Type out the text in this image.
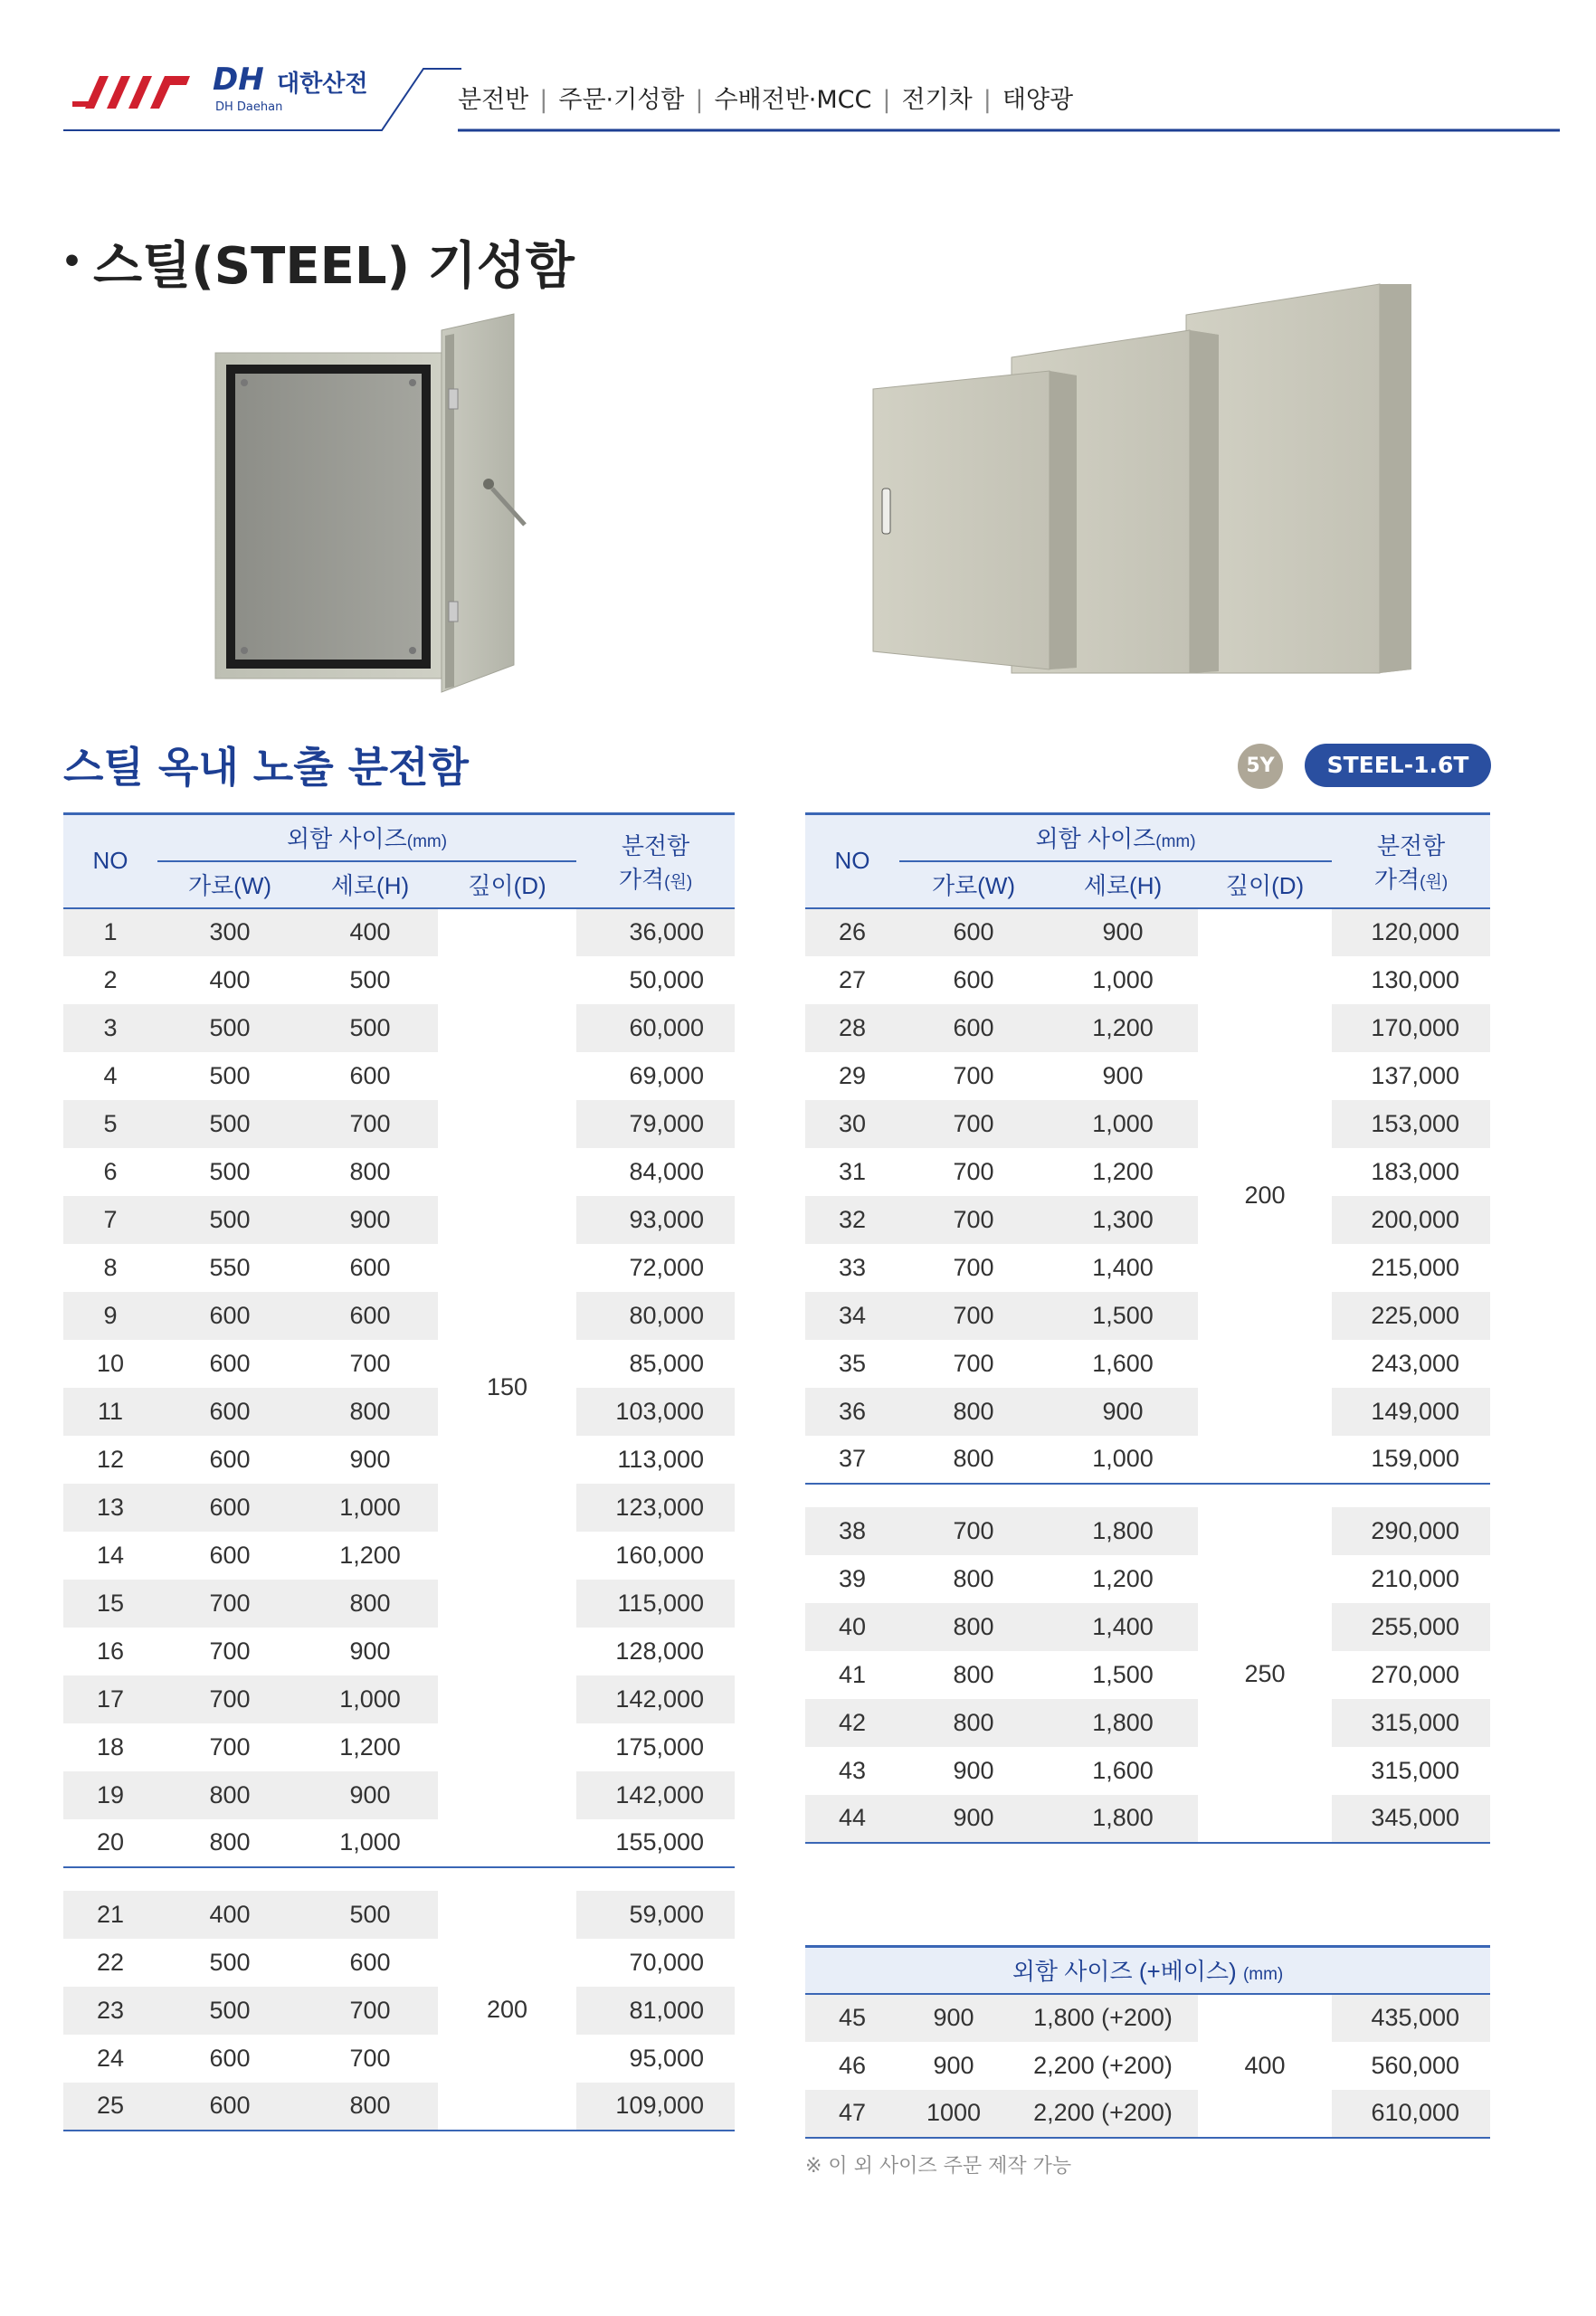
DH 대한산전
DH Daehan	분전반 | 주문·기성함 | 수배전반·MCC | 전기차 | 태양광
• 스틸(STEEL) 기성함
스틸 옥내 노출 분전함	5Y	STEEL-1.6T
NO	외함 사이즈(mm)			분전함
가격(원)

	가로(W)	세로(H)	깊이(D)	
1	300	400	150	36,000
2	400	500		50,000
3	500	500		60,000
4	500	600		69,000
5	500	700		79,000
6	500	800		84,000
7	500	900		93,000
8	550	600		72,000
9	600	600		80,000
10	600	700		85,000
11	600	800		103,000
12	600	900		113,000
13	600	1,000		123,000
14	600	1,200		160,000
15	700	800		115,000
16	700	900		128,000
17	700	1,000		142,000
18	700	1,200		175,000
19	800	900		142,000
20	800	1,000		155,000

21	400	500	200	59,000
22	500	600		70,000
23	500	700		81,000
24	600	700		95,000
25	600	800		109,000
NO	외함 사이즈(mm)			분전함
가격(원)

	가로(W)	세로(H)	깊이(D)	
26	600	900	200	120,000
27	600	1,000		130,000
28	600	1,200		170,000
29	700	900		137,000
30	700	1,000		153,000
31	700	1,200		183,000
32	700	1,300		200,000
33	700	1,400		215,000
34	700	1,500		225,000
35	700	1,600		243,000
36	800	900		149,000
37	800	1,000		159,000

38	700	1,800	250	290,000
39	800	1,200		210,000
40	800	1,400		255,000
41	800	1,500		270,000
42	800	1,800		315,000
43	900	1,600		315,000
44	900	1,800		345,000
외함 사이즈 (+베이스) (mm)				
45	900	1,800 (+200)	400	435,000
46	900	2,200 (+200)		560,000
47	1000	2,200 (+200)		610,000
※ 이 외 사이즈 주문 제작 가능
